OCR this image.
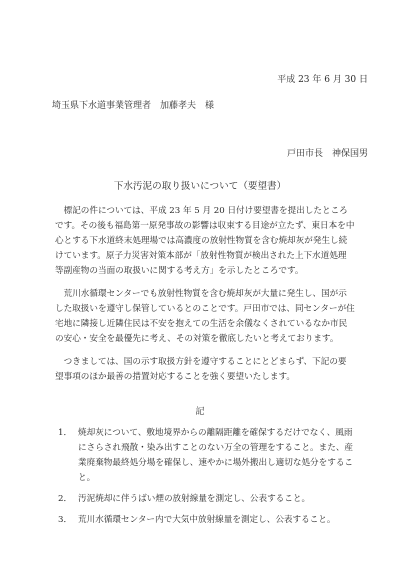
平成 23 年 6 月 30 日
埼玉県下水道事業管理者　加藤孝夫　様
戸田市長　神保国男
下水汚泥の取り扱いについて（要望書）

標記の件については、平成 23 年 5 月 20 日付け要望書を提出したところです。その後も福島第一原発事故の影響は収束する目途が立たず、東日本を中心とする下水道終末処理場では高濃度の放射性物質を含む焼却灰が発生し続けています。原子力災害対策本部が「放射性物質が検出された上下水道処理等副産物の当面の取扱いに関する考え方」を示したところです。

荒川水循環センターでも放射性物質を含む焼却灰が大量に発生し、国が示した取扱いを遵守し保管しているとのことです。戸田市では、同センターが住宅地に隣接し近隣住民は不安を抱えての生活を余儀なくされているなか市民の安心・安全を最優先に考え、その対策を徹底したいと考えております。

つきましては、国の示す取扱方針を遵守することにとどまらず、下記の要望事項のほか最善の措置対応することを強く要望いたします。

記
1． 焼却灰について、敷地境界からの離隔距離を確保するだけでなく、風雨にさらされ飛散・染み出すことのない万全の管理をすること。また、産業廃棄物最終処分場を確保し、速やかに場外搬出し適切な処分をすること。
2． 汚泥焼却に伴うばい煙の放射線量を測定し、公表すること。
3． 荒川水循環センター内で大気中放射線量を測定し、公表すること。
